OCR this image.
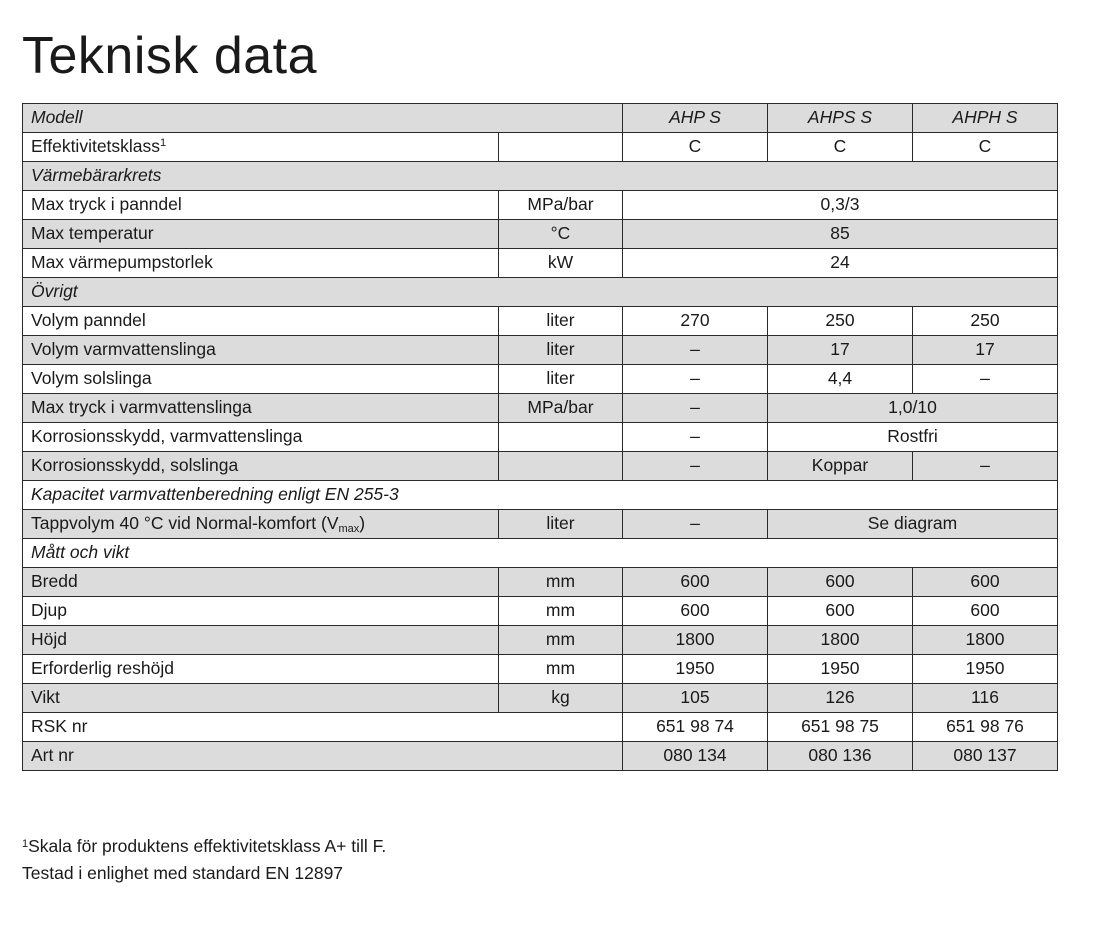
Teknisk data
Modell		AHP S	AHPS S	AHPH S
Effektivitetsklass$^1$		C	C	C
Värmebärarkrets				
Max tryck i panndel	MPa/bar	0,3/3		
Max temperatur	°C	85		
Max värmepumpstorlek	kW	24		
Övrigt				
Volym panndel	liter	270	250	250
Volym varmvattenslinga	liter	–	17	17
Volym solslinga	liter	–	4,4	–
Max tryck i varmvattenslinga	MPa/bar	–	1,0/10	
Korrosionsskydd, varmvattenslinga		–	Rostfri	
Korrosionsskydd, solslinga		–	Koppar	–
Kapacitet varmvattenberedning enligt EN 255-3				
Tappvolym 40 °C vid Normal-komfort $(V_{max})$	liter	–	Se diagram	
Mått och vikt				
Bredd	mm	600	600	600
Djup	mm	600	600	600
Höjd	mm	1800	1800	1800
Erforderlig reshöjd	mm	1950	1950	1950
Vikt	kg	105	126	116
RSK nr		651 98 74	651 98 75	651 98 76
Art nr		080 134	080 136	080 137
$^1$Skala för produktens effektivitetsklass A+ till F.
Testad i enlighet med standard EN 12897
